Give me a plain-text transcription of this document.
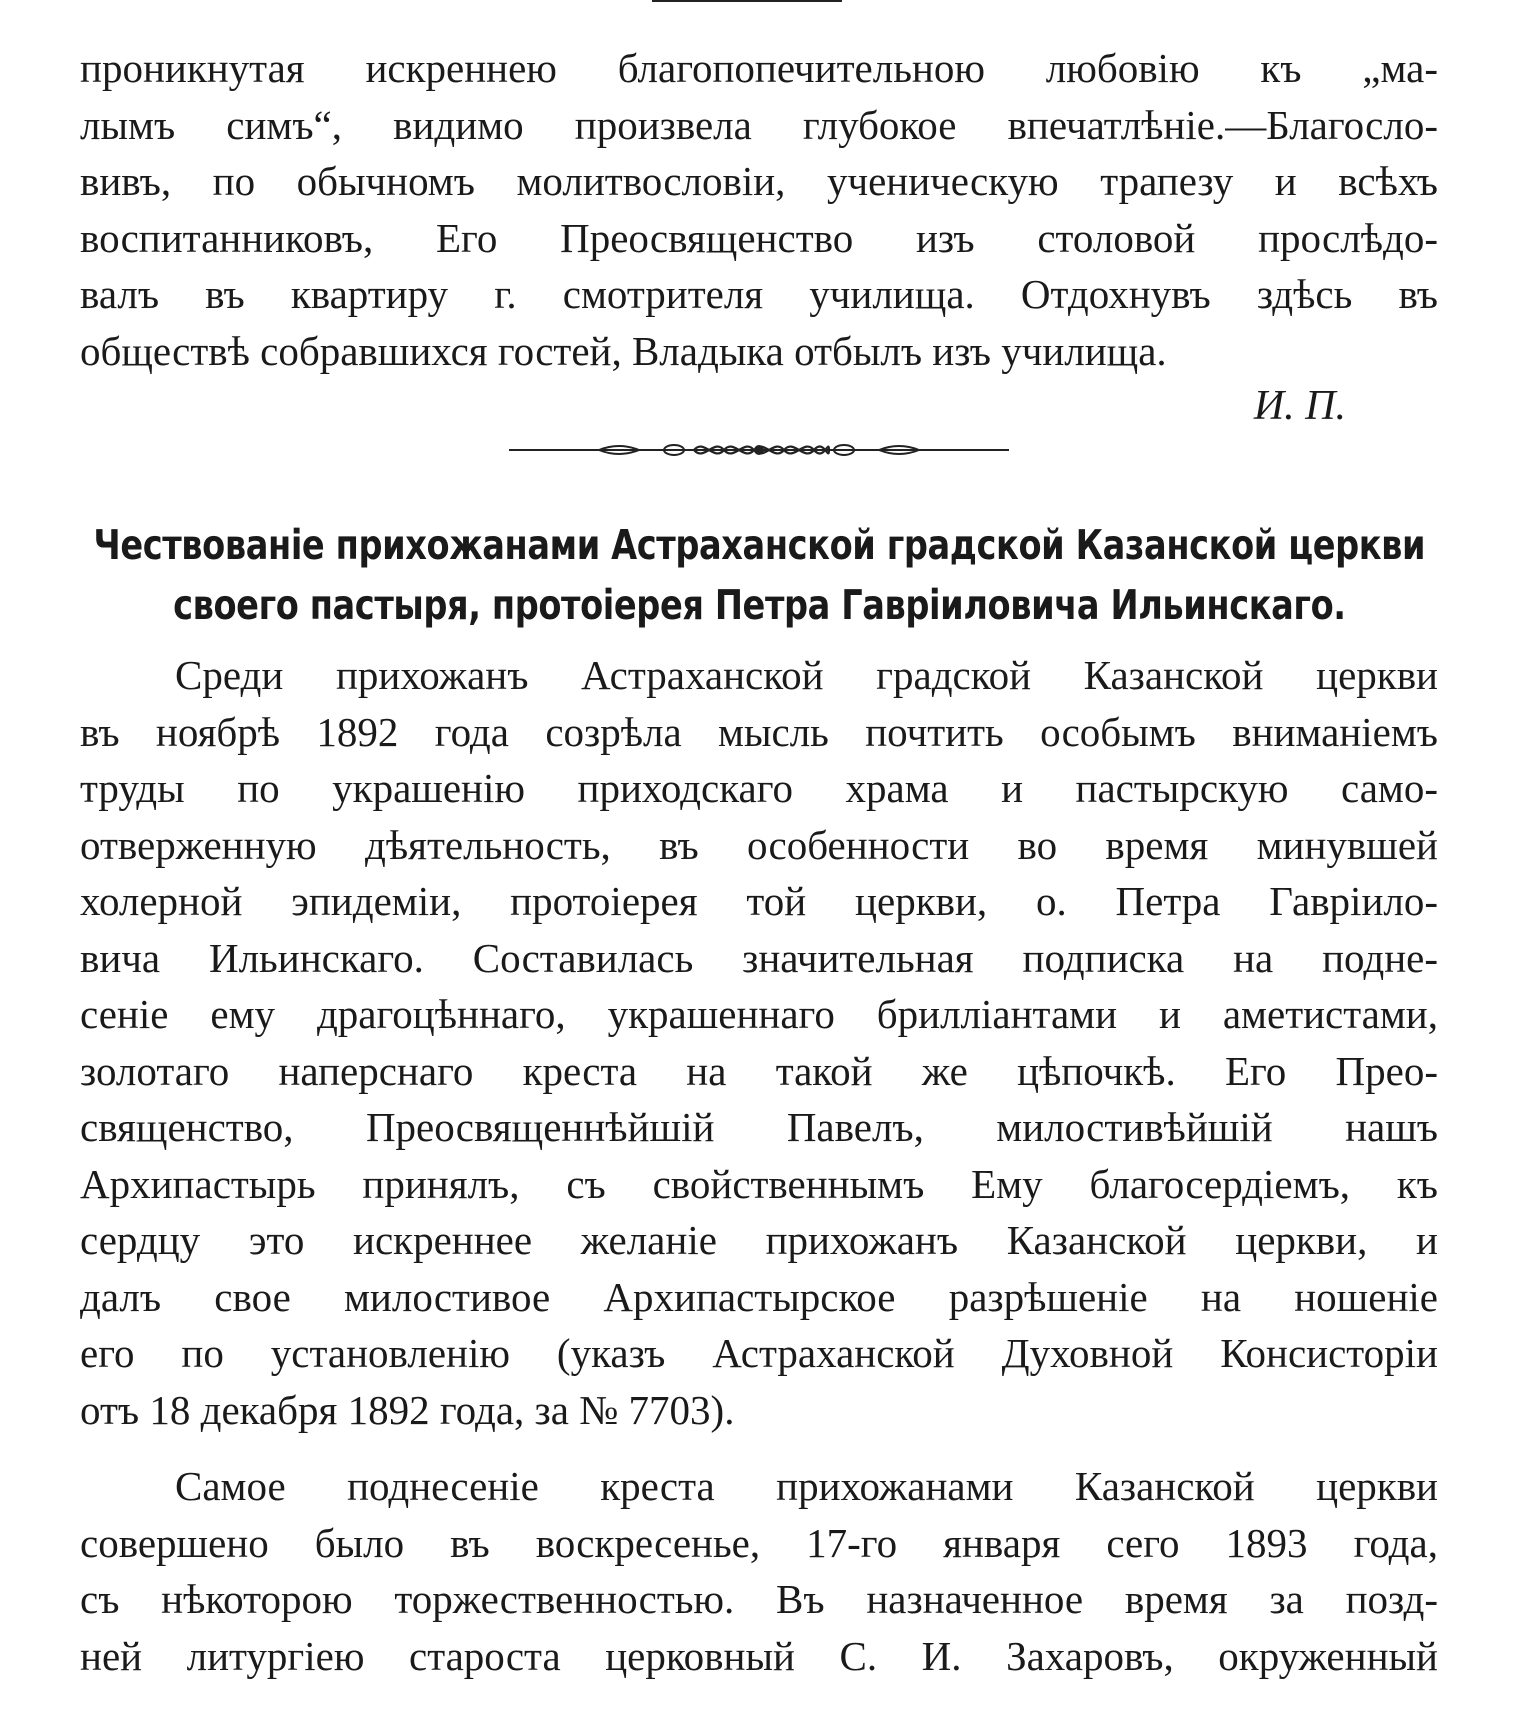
проникнутая искреннею благопопечительною любовію къ „ма-
лымъ симъ“, видимо произвела глубокое впечатлѣніе.—Благосло-
вивъ, по обычномъ молитвословіи, ученическую трапезу и всѣхъ
воспитанниковъ, Его Преосвященство изъ столовой прослѣдо-
валъ въ квартиру г. смотрителя училища. Отдохнувъ здѣсь въ
обществѣ собравшихся гостей, Владыка отбылъ изъ училища.

И. П.
Чествованіе прихожанами Астраханской градской Казанской церкви
своего пастыря, протоіерея Петра Гавріиловича Ильинскаго.

Среди прихожанъ Астраханской градской Казанской церкви
въ ноябрѣ 1892 года созрѣла мысль почтить особымъ вниманіемъ
труды по украшенію приходскаго храма и пастырскую само-
отверженную дѣятельность, въ особенности во время минувшей
холерной эпидеміи, протоіерея той церкви, о. Петра Гавріило-
вича Ильинскаго. Составилась значительная подписка на подне-
сеніе ему драгоцѣннаго, украшеннаго бриллiантами и аметистами,
золотаго наперснаго креста на такой же цѣпочкѣ. Его Прео-
священство, Преосвященнѣйшій Павелъ, милостивѣйшій нашъ
Архипастырь принялъ, съ свойственнымъ Ему благосердіемъ, къ
сердцу это искреннее желаніе прихожанъ Казанской церкви, и
далъ свое милостивое Архипастырское разрѣшеніе на ношеніе
его по установленію (указъ Астраханской Духовной Консисторіи
отъ 18 декабря 1892 года, за № 7703).

Самое поднесеніе креста прихожанами Казанской церкви
совершено было въ воскресенье, 17-го января сего 1893 года,
съ нѣкоторою торжественностью. Въ назначенное время за позд-
ней литургіею староста церковный С. И. Захаровъ, окруженный
